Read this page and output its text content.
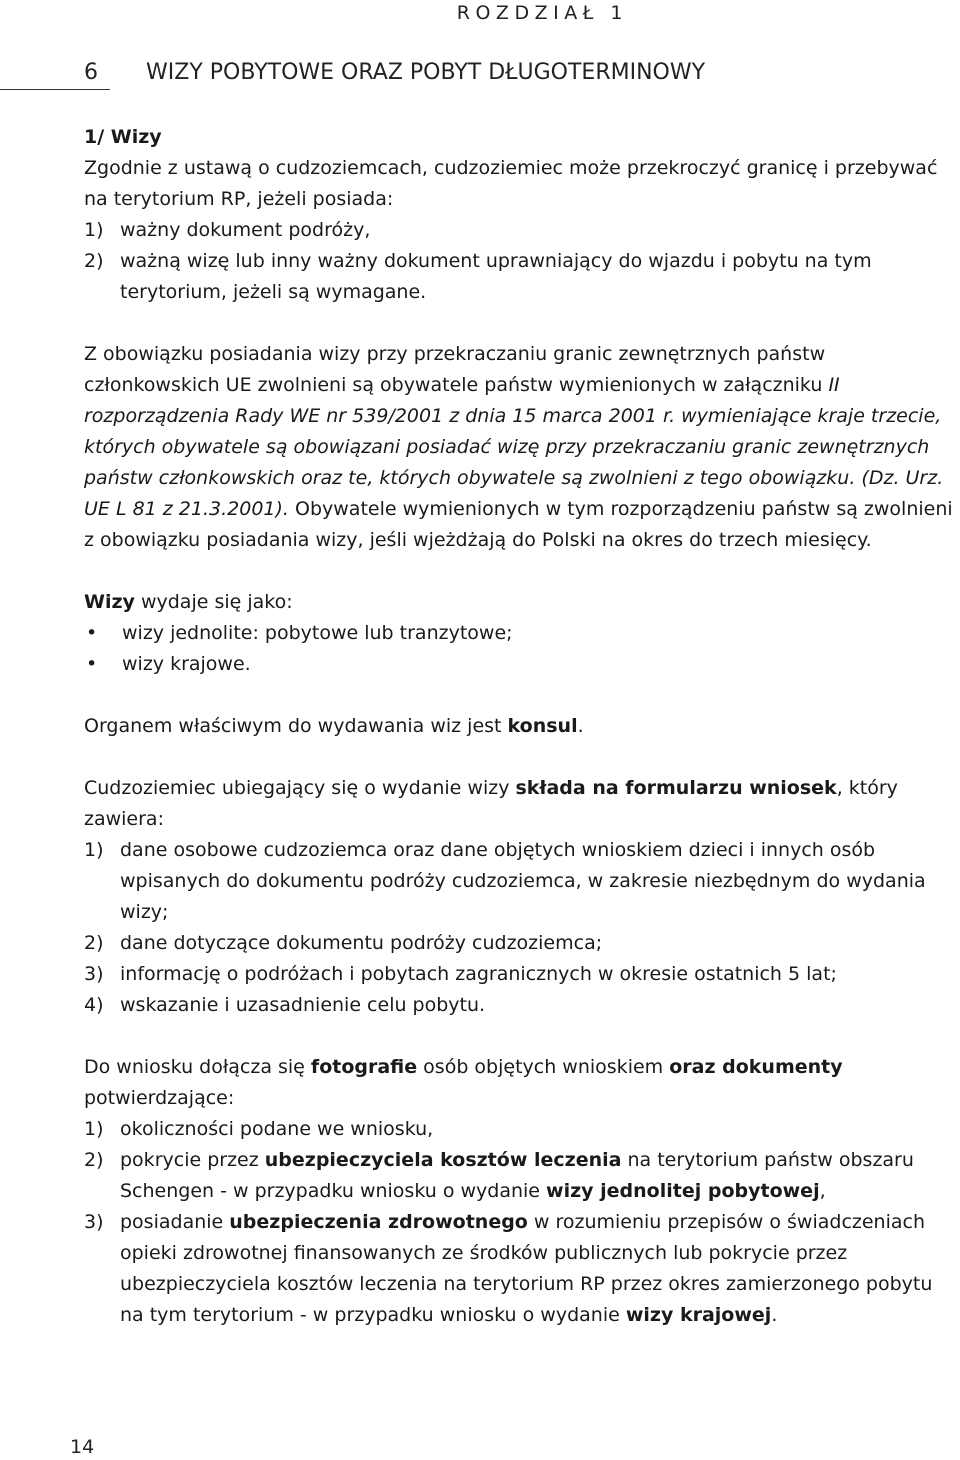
ROZDZIAŁ 1
6 WIZY POBYTOWE ORAZ POBYT DŁUGOTERMINOWY

1/ Wizy

Zgodnie z ustawą o cudzoziemcach, cudzoziemiec może przekroczyć granicę i przebywać na terytorium RP, jeżeli posiada:

1) ważny dokument podróży,
2) ważną wizę lub inny ważny dokument uprawniający do wjazdu i pobytu na tym terytorium, jeżeli są wymagane.

Z obowiązku posiadania wizy przy przekraczaniu granic zewnętrznych państw członkowskich UE zwolnieni są obywatele państw wymienionych w załączniku II rozporządzenia Rady WE nr 539/2001 z dnia 15 marca 2001 r. wymieniające kraje trzecie, których obywatele są obowiązani posiadać wizę przy przekraczaniu granic zewnętrznych państw członkowskich oraz te, których obywatele są zwolnieni z tego obowiązku. (Dz. Urz. UE L 81 z 21.3.2001). Obywatele wymienionych w tym rozporządzeniu państw są zwolnieni z obowiązku posiadania wizy, jeśli wjeżdżają do Polski na okres do trzech miesięcy.

Wizy wydaje się jako:

•	wizy jednolite: pobytowe lub tranzytowe;
•	wizy krajowe.

Organem właściwym do wydawania wiz jest konsul.

Cudzoziemiec ubiegający się o wydanie wizy składa na formularzu wniosek, który zawiera:

1) dane osobowe cudzoziemca oraz dane objętych wnioskiem dzieci i innych osób wpisanych do dokumentu podróży cudzoziemca, w zakresie niezbędnym do wydania wizy;
2) dane dotyczące dokumentu podróży cudzoziemca;
3) informację o podróżach i pobytach zagranicznych w okresie ostatnich 5 lat;
4) wskazanie i uzasadnienie celu pobytu.

Do wniosku dołącza się fotografie osób objętych wnioskiem oraz dokumenty potwierdzające:

1) okoliczności podane we wniosku,
2) pokrycie przez ubezpieczyciela kosztów leczenia na terytorium państw obszaru Schengen - w przypadku wniosku o wydanie wizy jednolitej pobytowej,
3) posiadanie ubezpieczenia zdrowotnego w rozumieniu przepisów o świadczeniach opieki zdrowotnej finansowanych ze środków publicznych lub pokrycie przez ubezpieczyciela kosztów leczenia na terytorium RP przez okres zamierzonego pobytu na tym terytorium - w przypadku wniosku o wydanie wizy krajowej.
14
